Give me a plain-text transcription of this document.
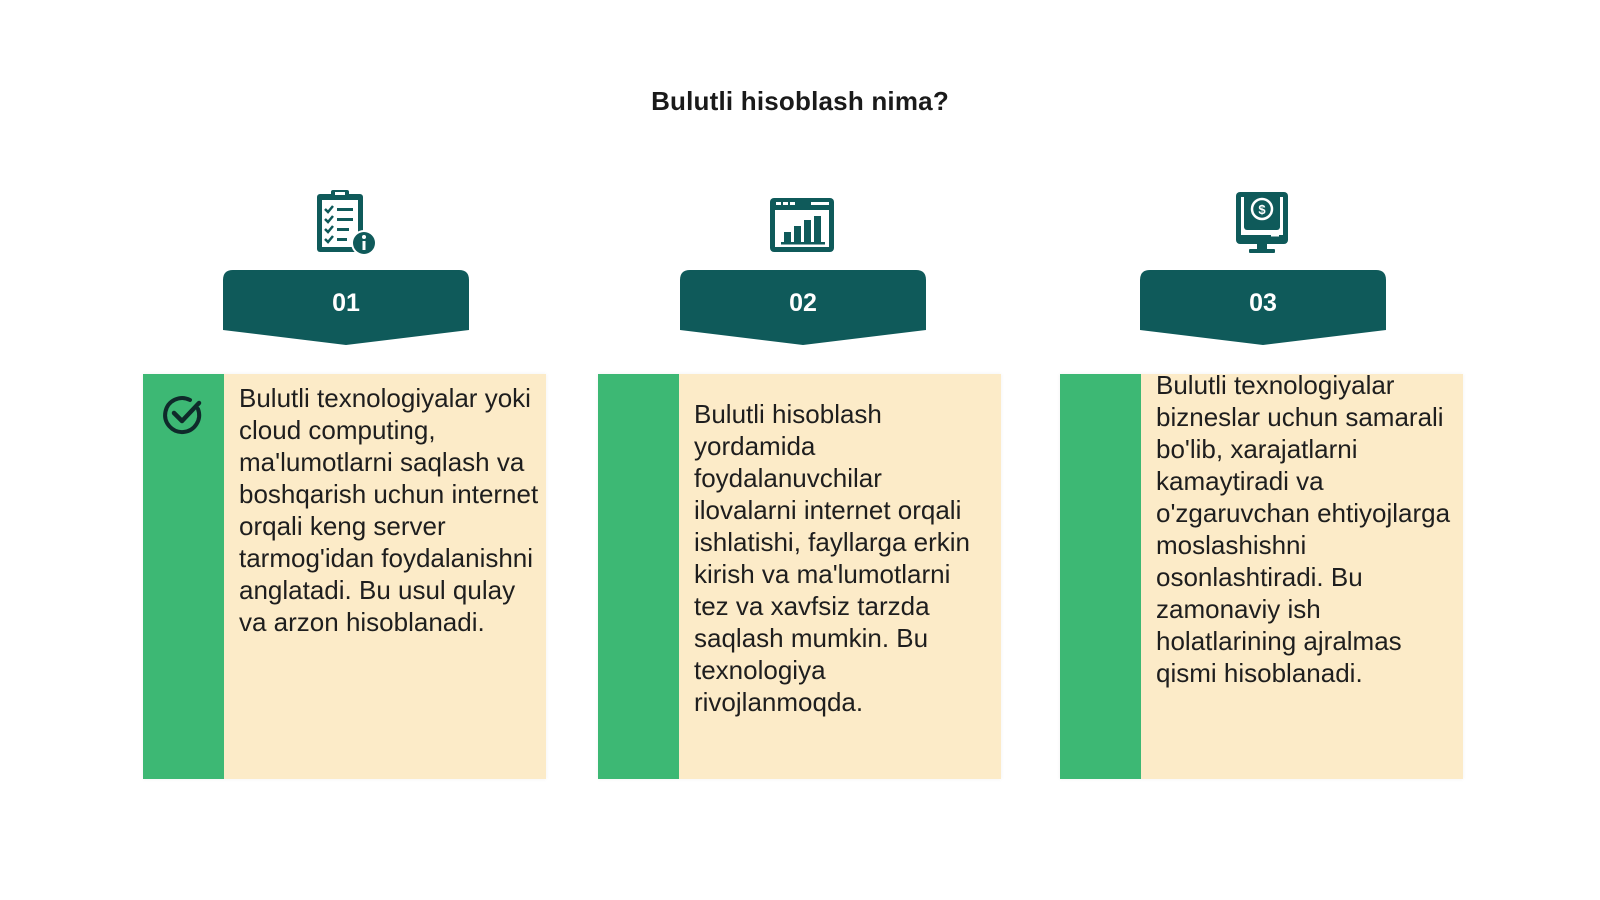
Bulutli hisoblash nima?
01
Bulutli texnologiyalar yoki cloud computing, ma'lumotlarni saqlash va boshqarish uchun internet orqali keng server tarmog'idan foydalanishni anglatadi. Bu usul qulay va arzon hisoblanadi.
02
Bulutli hisoblash yordamida foydalanuvchilar ilovalarni internet orqali ishlatishi, fayllarga erkin kirish va ma'lumotlarni tez va xavfsiz tarzda saqlash mumkin. Bu texnologiya rivojlanmoqda.
$
03
Bulutli texnologiyalar bizneslar uchun samarali bo'lib, xarajatlarni kamaytiradi va o'zgaruvchan ehtiyojlarga moslashishni osonlashtiradi. Bu zamonaviy ish holatlarining ajralmas qismi hisoblanadi.
